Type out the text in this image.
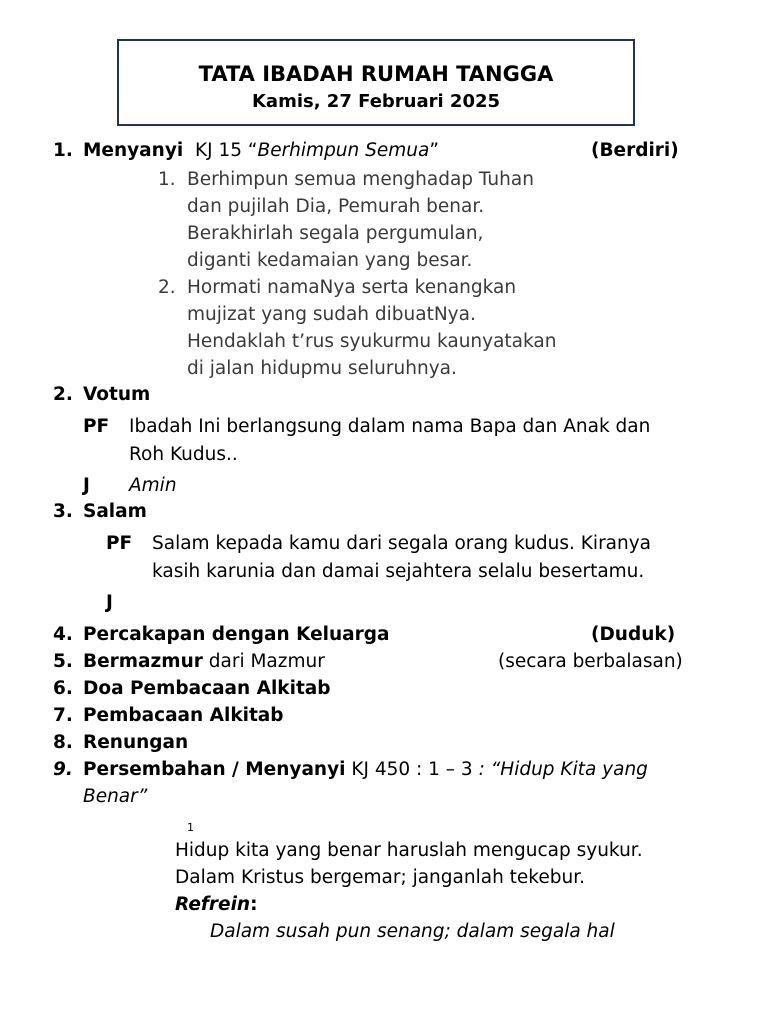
TATA IBADAH RUMAH TANGGA
Kamis, 27 Februari 2025
1. Menyanyi KJ 15 “Berhimpun Semua”	(Berdiri)
1. Berhimpun semua menghadap Tuhan
dan pujilah Dia, Pemurah benar.
Berakhirlah segala pergumulan,
diganti kedamaian yang besar.
2. Hormati namaNya serta kenangkan
mujizat yang sudah dibuatNya.
Hendaklah t’rus syukurmu kaunyatakan
di jalan hidupmu seluruhnya.
2. Votum
PF Ibadah Ini berlangsung dalam nama Bapa dan Anak dan
Roh Kudus..
J Amin
3. Salam
PF Salam kepada kamu dari segala orang kudus. Kiranya
kasih karunia dan damai sejahtera selalu besertamu.
J
4. Percakapan dengan Keluarga	(Duduk)
5. Bermazmur dari Mazmur	(secara berbalasan)
6. Doa Pembacaan Alkitab
7. Pembacaan Alkitab
8. Renungan
9. Persembahan / Menyanyi KJ 450 : 1 – 3 : “Hidup Kita yang
Benar”
1
Hidup kita yang benar haruslah mengucap syukur.
Dalam Kristus bergemar; janganlah tekebur.
Refrein:
Dalam susah pun senang; dalam segala hal
